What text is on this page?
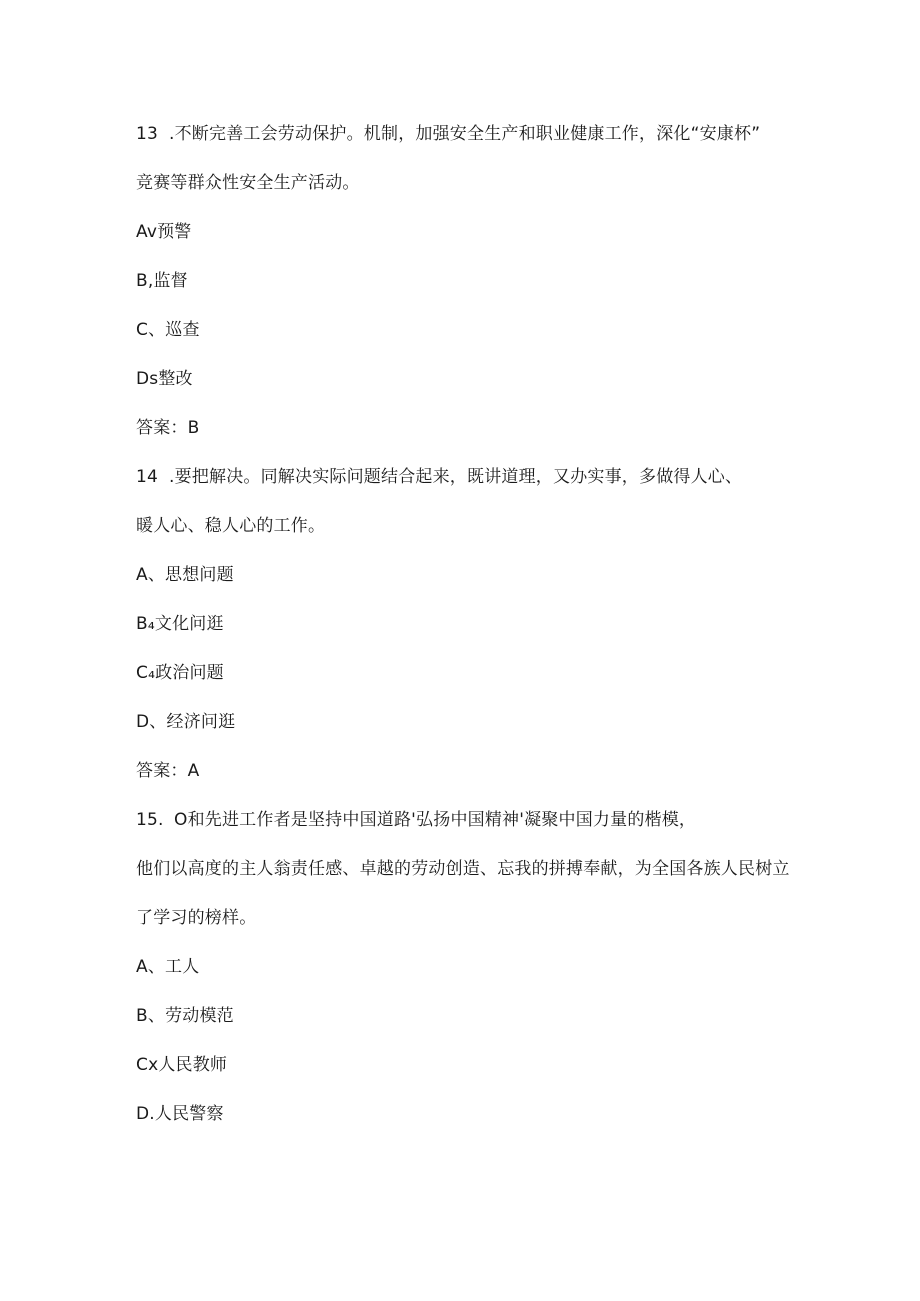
13 .不断完善工会劳动保护。机制，加强安全生产和职业健康工作，深化“安康杯”
竞赛等群众性安全生产活动。
Av预警
B,监督
C、巡查
Ds整改
答案：B
14 .要把解决。同解决实际问题结合起来，既讲道理，又办实事，多做得人心、
暖人心、稳人心的工作。
A、思想问题
B₄文化问逛
C₄政治问题
D、经济问逛
答案：A
15. O和先进工作者是坚持中国道路'弘扬中国精神'凝聚中国力量的楷模，
他们以高度的主人翁责任感、卓越的劳动创造、忘我的拼搏奉献，为全国各族人民树立
了学习的榜样。
A、工人
B、劳动模范
Cx人民教师
D.人民警察
